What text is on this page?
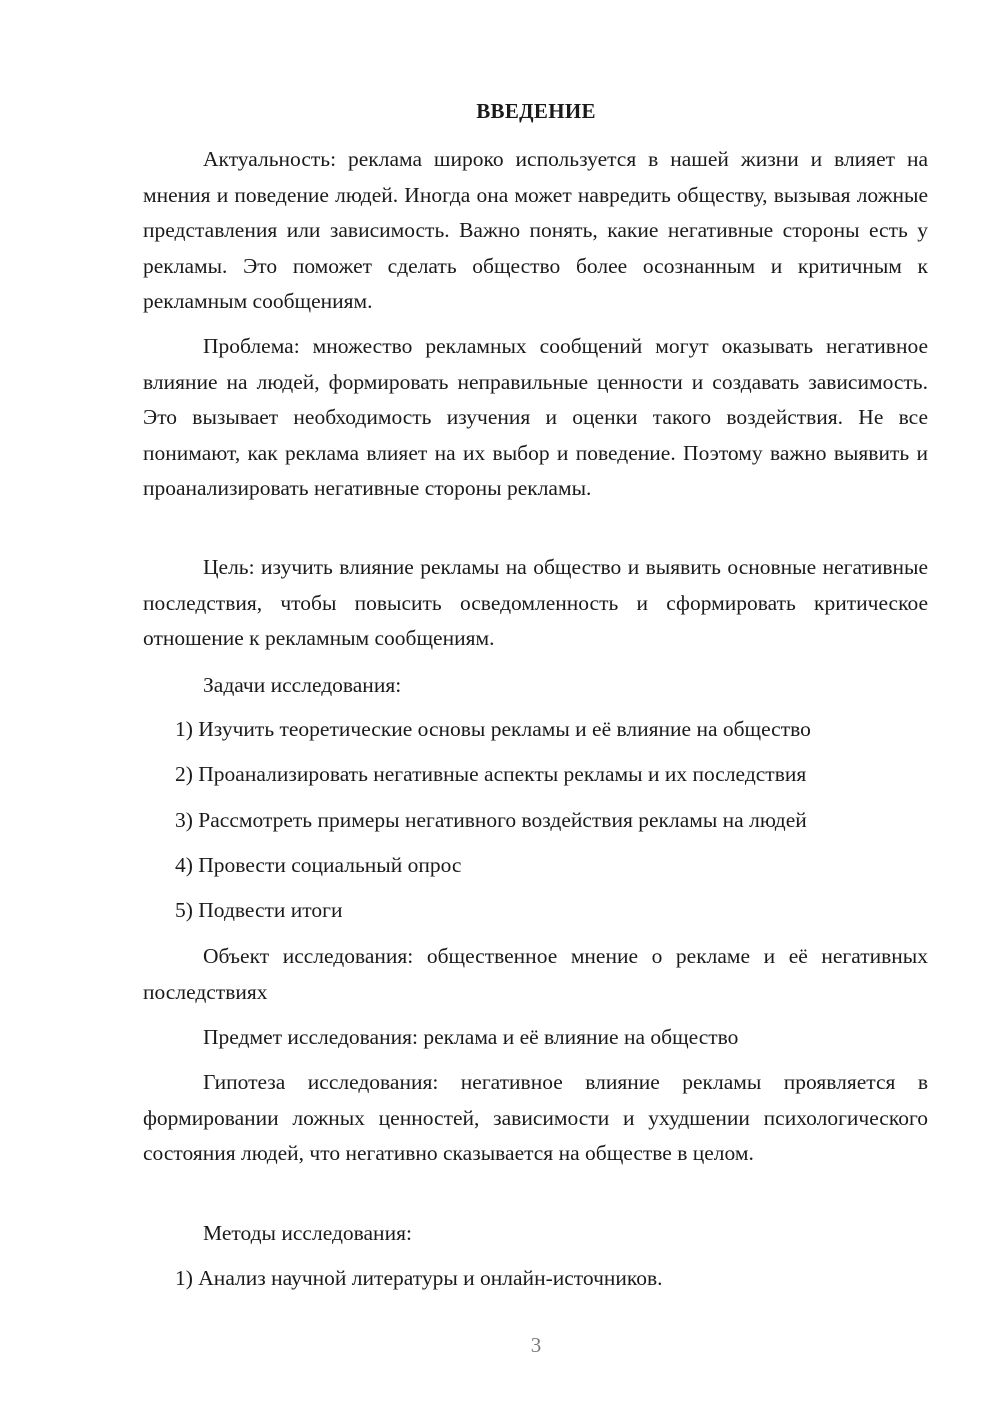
ВВЕДЕНИЕ

Актуальность: реклама широко используется в нашей жизни и влияет на мнения и поведение людей. Иногда она может навредить обществу, вызывая ложные представления или зависимость. Важно понять, какие негативные стороны есть у рекламы. Это поможет сделать общество более осознанным и критичным к рекламным сообщениям.

Проблема: множество рекламных сообщений могут оказывать негативное влияние на людей, формировать неправильные ценности и создавать зависимость. Это вызывает необходимость изучения и оценки такого воздействия. Не все понимают, как реклама влияет на их выбор и поведение. Поэтому важно выявить и проанализировать негативные стороны рекламы.

Цель: изучить влияние рекламы на общество и выявить основные негативные последствия, чтобы повысить осведомленность и сформировать критическое отношение к рекламным сообщениям.

Задачи исследования:
1) Изучить теоретические основы рекламы и её влияние на общество
2) Проанализировать негативные аспекты рекламы и их последствия
3) Рассмотреть примеры негативного воздействия рекламы на людей
4) Провести социальный опрос
5) Подвести итоги

Объект исследования: общественное мнение о рекламе и её негативных последствиях

Предмет исследования: реклама и её влияние на общество

Гипотеза исследования: негативное влияние рекламы проявляется в формировании ложных ценностей, зависимости и ухудшении психологического состояния людей, что негативно сказывается на обществе в целом.

Методы исследования:
1) Анализ научной литературы и онлайн-источников.
3
